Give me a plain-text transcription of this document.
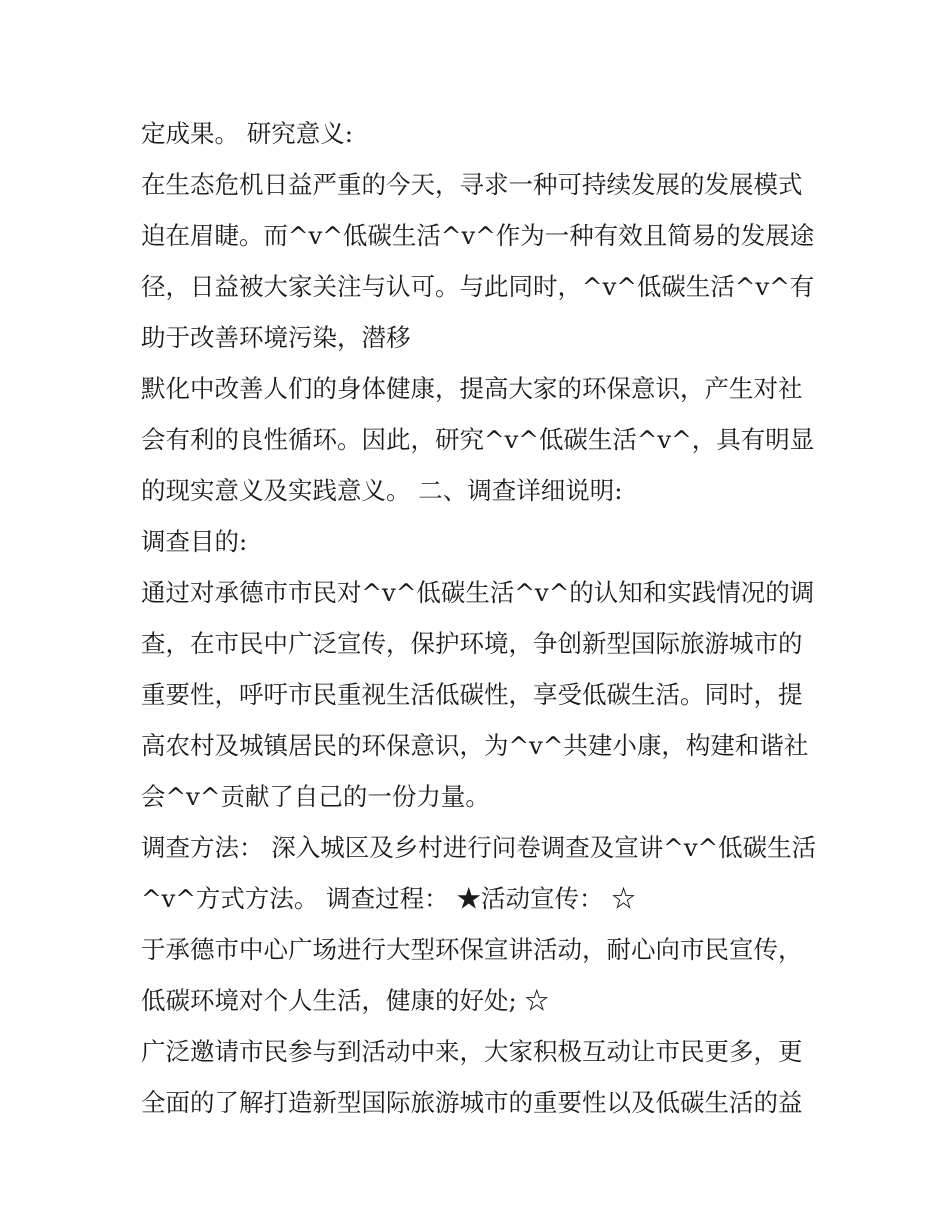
定成果。 研究意义:
在生态危机日益严重的今天，寻求一种可持续发展的发展模式
迫在眉睫。而^v^低碳生活^v^作为一种有效且简易的发展途
径，日益被大家关注与认可。与此同时，^v^低碳生活^v^有
助于改善环境污染，潜移
默化中改善人们的身体健康，提高大家的环保意识，产生对社
会有利的良性循环。因此，研究^v^低碳生活^v^，具有明显
的现实意义及实践意义。 二、调查详细说明:
调查目的:
通过对承德市市民对^v^低碳生活^v^的认知和实践情况的调
查，在市民中广泛宣传，保护环境，争创新型国际旅游城市的
重要性，呼吁市民重视生活低碳性，享受低碳生活。同时，提
高农村及城镇居民的环保意识，为^v^共建小康，构建和谐社
会^v^贡献了自己的一份力量。
调查方法： 深入城区及乡村进行问卷调查及宣讲^v^低碳生活
^v^方式方法。 调查过程： ★活动宣传： ☆
于承德市中心广场进行大型环保宣讲活动，耐心向市民宣传，
低碳环境对个人生活，健康的好处; ☆
广泛邀请市民参与到活动中来，大家积极互动让市民更多，更
全面的了解打造新型国际旅游城市的重要性以及低碳生活的益
